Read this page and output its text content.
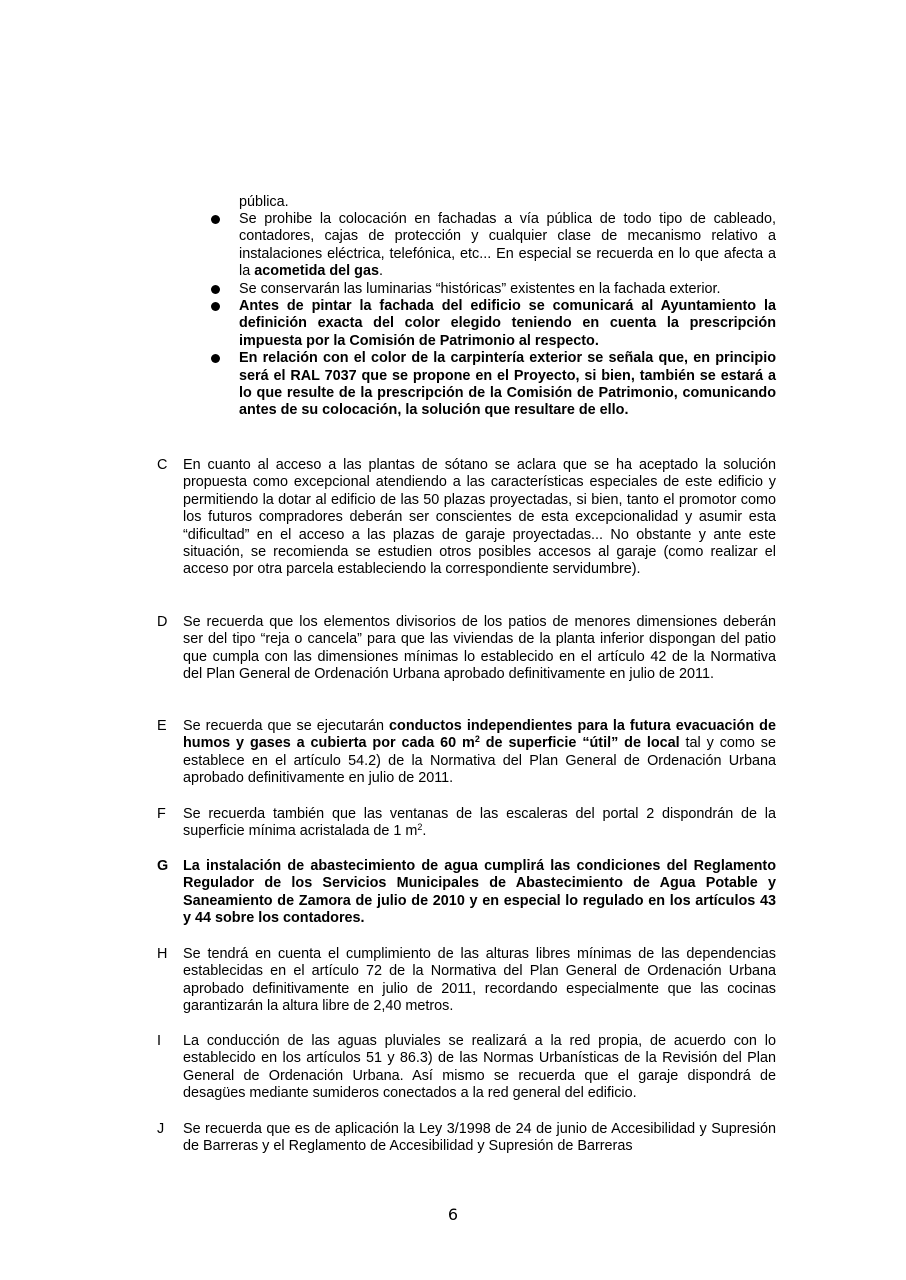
pública.
Se prohibe la colocación en fachadas a vía pública de todo tipo de cableado, contadores, cajas de protección y cualquier clase de mecanismo relativo a instalaciones eléctrica, telefónica, etc... En especial se recuerda en lo que afecta a la acometida del gas.
Se conservarán las luminarias “históricas” existentes en la fachada exterior.
Antes de pintar la fachada del edificio se comunicará al Ayuntamiento la definición exacta del color elegido teniendo en cuenta la prescripción impuesta por la Comisión de Patrimonio al respecto.
En relación con el color de la carpintería exterior se señala que, en principio será el RAL 7037 que se propone en el Proyecto, si bien, también se estará a lo que resulte de la prescripción de la Comisión de Patrimonio, comunicando antes de su colocación, la solución que resultare de ello.
C	En cuanto al acceso a las plantas de sótano se aclara que se ha aceptado la solución propuesta como excepcional atendiendo a las características especiales de este edificio y permitiendo la dotar al edificio de las 50 plazas proyectadas, si bien, tanto el promotor como los futuros compradores deberán ser conscientes de esta excepcionalidad y asumir esta “dificultad” en el acceso a las plazas de garaje proyectadas... No obstante y ante este situación, se recomienda se estudien otros posibles accesos al garaje (como realizar el acceso por otra parcela estableciendo la correspondiente servidumbre).
D	Se recuerda que los elementos divisorios de los patios de menores dimensiones deberán ser del tipo “reja o cancela” para que las viviendas de la planta inferior dispongan del patio que cumpla con las dimensiones mínimas lo establecido en el artículo 42 de la Normativa del Plan General de Ordenación Urbana aprobado definitivamente en julio de 2011.
E	Se recuerda que se ejecutarán conductos independientes para la futura evacuación de humos y gases a cubierta por cada 60 $m^2$ de superficie “útil” de local tal y como se establece en el artículo 54.2) de la Normativa del Plan General de Ordenación Urbana aprobado definitivamente en julio de 2011.
F	Se recuerda también que las ventanas de las escaleras del portal 2 dispondrán de la superficie mínima acristalada de 1 $m^2$.
G	La instalación de abastecimiento de agua cumplirá las condiciones del Reglamento Regulador de los Servicios Municipales de Abastecimiento de Agua Potable y Saneamiento de Zamora de julio de 2010 y en especial lo regulado en los artículos 43 y 44 sobre los contadores.
H	Se tendrá en cuenta el cumplimiento de las alturas libres mínimas de las dependencias establecidas en el artículo 72 de la Normativa del Plan General de Ordenación Urbana aprobado definitivamente en julio de 2011, recordando especialmente que las cocinas garantizarán la altura libre de 2,40 metros.
I	La conducción de las aguas pluviales se realizará a la red propia, de acuerdo con lo establecido en los artículos 51 y 86.3) de las Normas Urbanísticas de la Revisión del Plan General de Ordenación Urbana. Así mismo se recuerda que el garaje dispondrá de desagües mediante sumideros conectados a la red general del edificio.
J	Se recuerda que es de aplicación la Ley 3/1998 de 24 de junio de Accesibilidad y Supresión de Barreras y el Reglamento de Accesibilidad y Supresión de Barreras
6
